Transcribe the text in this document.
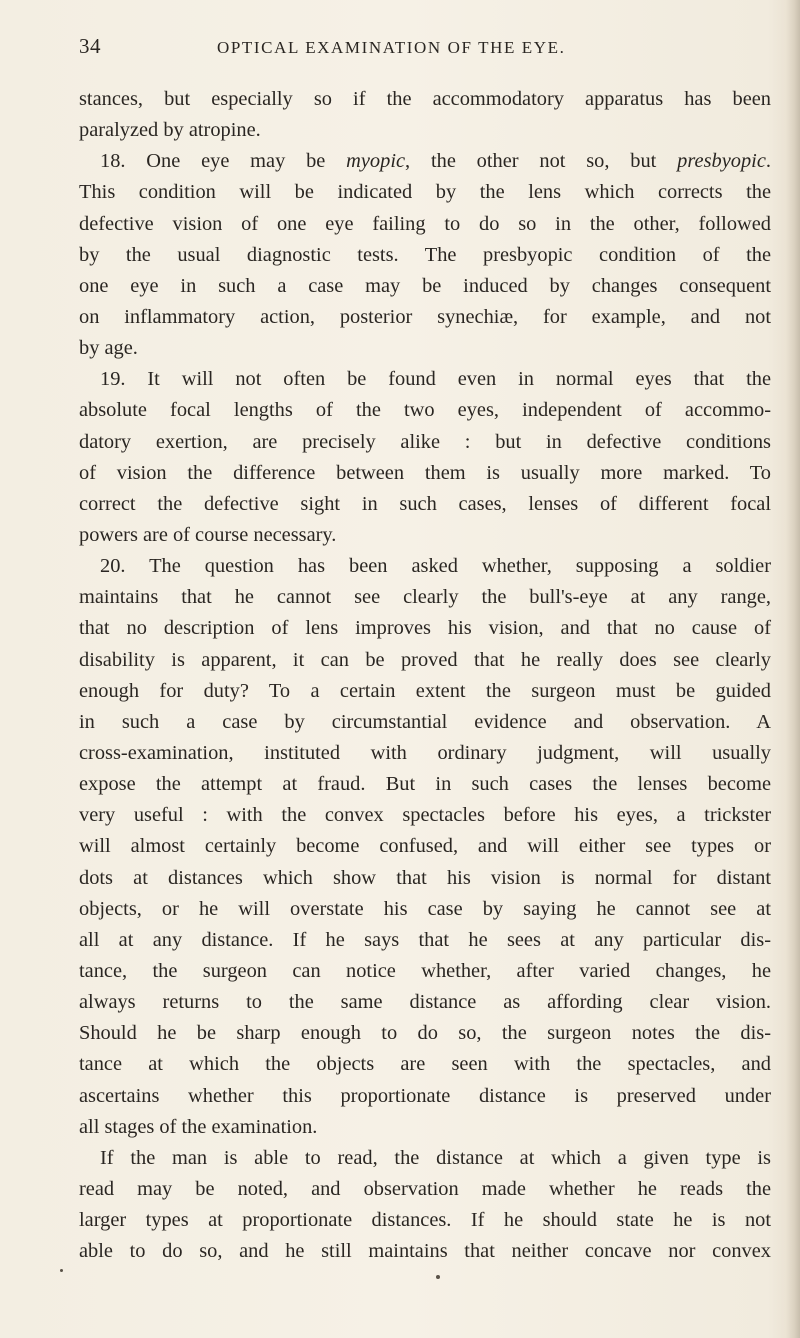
34	OPTICAL EXAMINATION OF THE EYE.
stances, but especially so if the accommodatory apparatus has been
paralyzed by atropine.
18. One eye may be myopic, the other not so, but presbyopic.
This condition will be indicated by the lens which corrects the
defective vision of one eye failing to do so in the other, followed
by the usual diagnostic tests. The presbyopic condition of the
one eye in such a case may be induced by changes consequent
on inflammatory action, posterior synechiæ, for example, and not
by age.
19. It will not often be found even in normal eyes that the
absolute focal lengths of the two eyes, independent of accommo-
datory exertion, are precisely alike : but in defective conditions
of vision the difference between them is usually more marked. To
correct the defective sight in such cases, lenses of different focal
powers are of course necessary.
20. The question has been asked whether, supposing a soldier
maintains that he cannot see clearly the bull's-eye at any range,
that no description of lens improves his vision, and that no cause of
disability is apparent, it can be proved that he really does see clearly
enough for duty? To a certain extent the surgeon must be guided
in such a case by circumstantial evidence and observation. A
cross-examination, instituted with ordinary judgment, will usually
expose the attempt at fraud. But in such cases the lenses become
very useful : with the convex spectacles before his eyes, a trickster
will almost certainly become confused, and will either see types or
dots at distances which show that his vision is normal for distant
objects, or he will overstate his case by saying he cannot see at
all at any distance. If he says that he sees at any particular dis-
tance, the surgeon can notice whether, after varied changes, he
always returns to the same distance as affording clear vision.
Should he be sharp enough to do so, the surgeon notes the dis-
tance at which the objects are seen with the spectacles, and
ascertains whether this proportionate distance is preserved under
all stages of the examination.
If the man is able to read, the distance at which a given type is
read may be noted, and observation made whether he reads the
larger types at proportionate distances. If he should state he is not
able to do so, and he still maintains that neither concave nor convex
